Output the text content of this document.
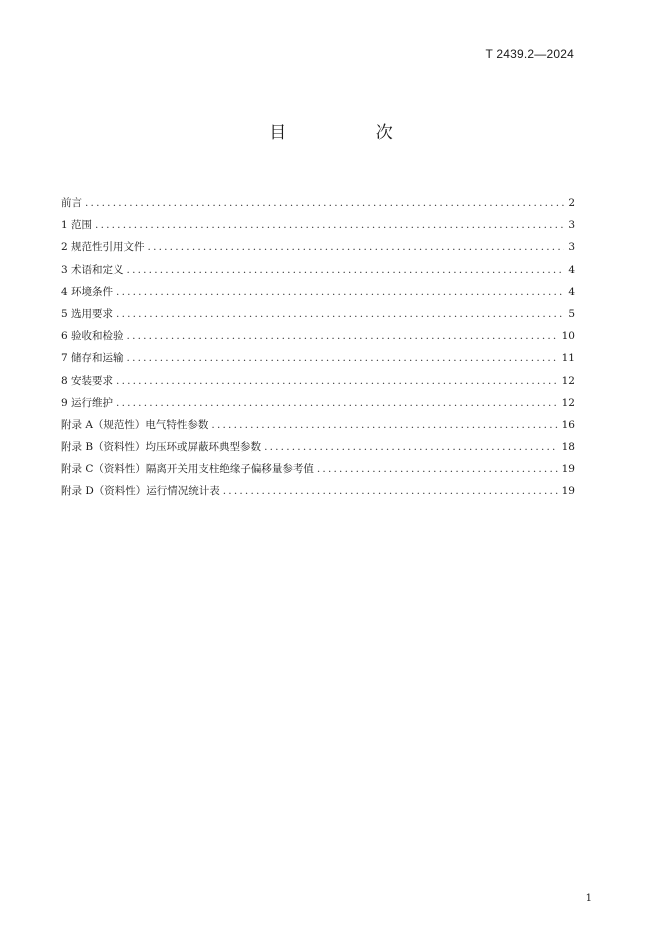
T 2439.2—2024
目 次
前言 .....	2
1 范围 .....	3
2 规范性引用文件 .....	3
3 术语和定义 .....	4
4 环境条件 .....	4
5 选用要求 .....	5
6 验收和检验 .....	10
7 储存和运输 .....	11
8 安装要求 .....	12
9 运行维护 .....	12
附录 A（规范性）电气特性参数 .....	16
附录 B（资料性）均压环或屏蔽环典型参数 .....	18
附录 C（资料性）隔离开关用支柱绝缘子偏移量参考值 .....	19
附录 D（资料性）运行情况统计表 .....	19
1
